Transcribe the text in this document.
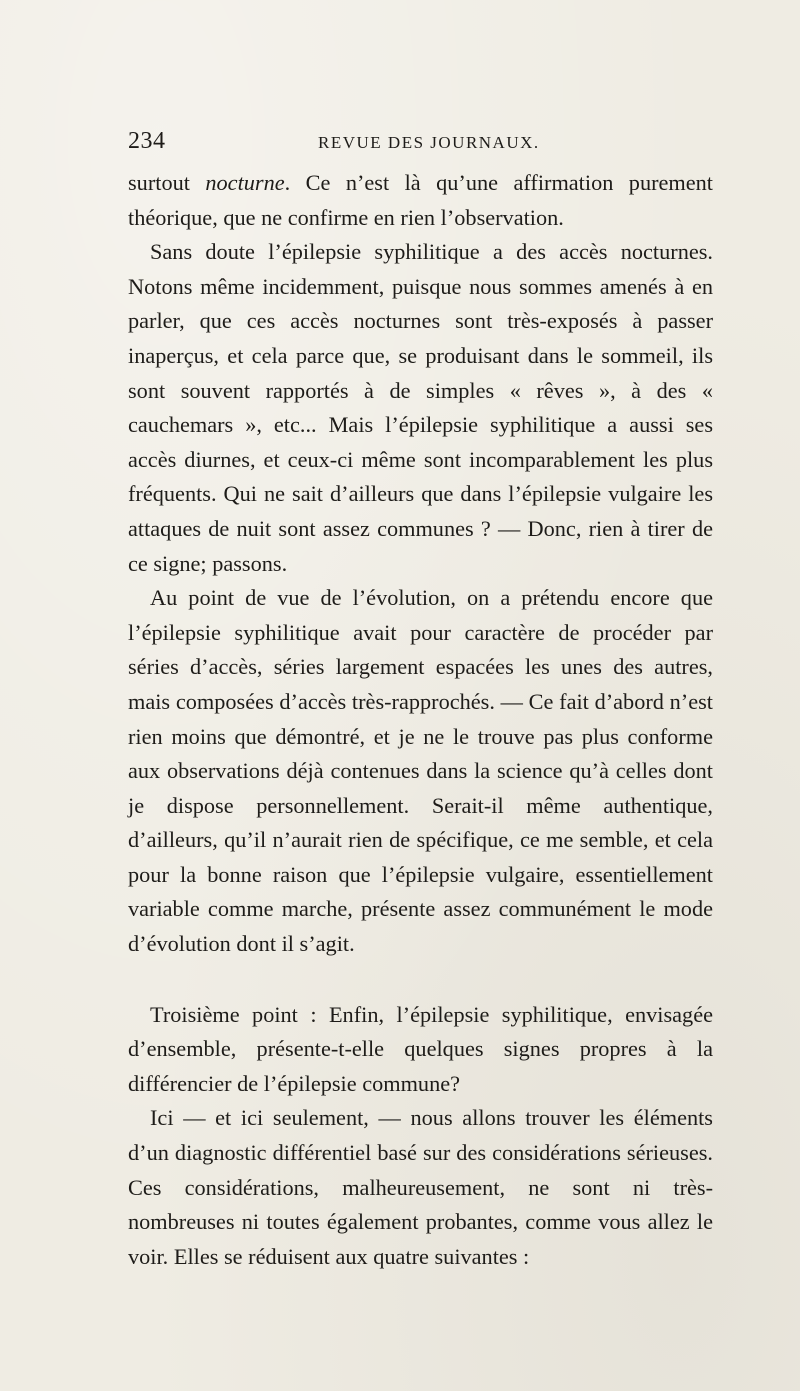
234	REVUE DES JOURNAUX.

surtout nocturne. Ce n’est là qu’une affirmation purement théorique, que ne confirme en rien l’observation.

Sans doute l’épilepsie syphilitique a des accès nocturnes. Notons même incidemment, puisque nous sommes amenés à en parler, que ces accès nocturnes sont très-exposés à passer inaperçus, et cela parce que, se produisant dans le sommeil, ils sont souvent rapportés à de simples « rêves », à des « cauchemars », etc... Mais l’épilepsie syphilitique a aussi ses accès diurnes, et ceux-ci même sont incomparablement les plus fréquents. Qui ne sait d’ailleurs que dans l’épilepsie vulgaire les attaques de nuit sont assez communes ? — Donc, rien à tirer de ce signe; passons.

Au point de vue de l’évolution, on a prétendu encore que l’épilepsie syphilitique avait pour caractère de procéder par séries d’accès, séries largement espacées les unes des autres, mais composées d’accès très-rapprochés. — Ce fait d’abord n’est rien moins que démontré, et je ne le trouve pas plus conforme aux observations déjà contenues dans la science qu’à celles dont je dispose personnellement. Serait-il même authentique, d’ailleurs, qu’il n’aurait rien de spécifique, ce me semble, et cela pour la bonne raison que l’épilepsie vulgaire, essentiellement variable comme marche, présente assez communément le mode d’évolution dont il s’agit.

Troisième point : Enfin, l’épilepsie syphilitique, envisagée d’ensemble, présente-t-elle quelques signes propres à la différencier de l’épilepsie commune?

Ici — et ici seulement, — nous allons trouver les éléments d’un diagnostic différentiel basé sur des considérations sérieuses. Ces considérations, malheureusement, ne sont ni très-nombreuses ni toutes également probantes, comme vous allez le voir. Elles se réduisent aux quatre suivantes :
